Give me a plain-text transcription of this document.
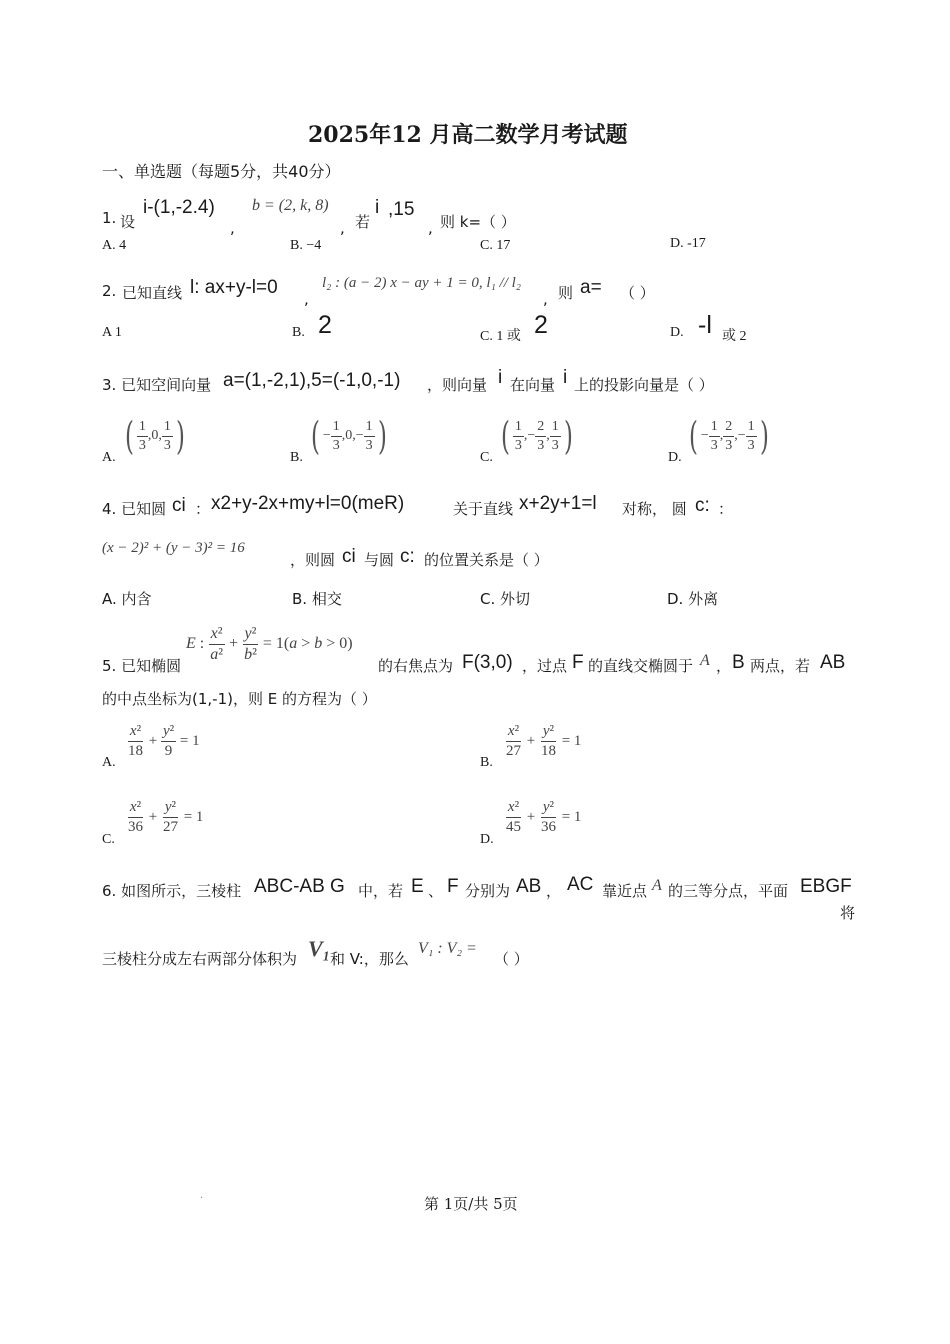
2025年12 月高二数学月考试题
一、单选题（每题5分，共40分）
1. 设
i-(1,-2.4)
,
b = (2, k, 8)
, 若
i ,15
, 则 k=（ ）
A. 4	B. −4	C. 17	D. -17
2. 已知直线 l: ax+y-l=0
,
l₂ : (a − 2) x − ay + 1 = 0, l₁ // l₂
, 则 a= （ ）
A 1	B. 2	C. 1 或 2	D. -l 或 2
3. 已知空间向量 a=(1,-2,1),5=(-1,0,-1) ，则向量 i 在向量 i 上的投影向量是（ ）
A. ( $\frac{1}{3} ,0$, $\frac{1}{3}$ )	B. ( − $\frac{1}{3} ,0,- \frac{1}{3}$ )	C. ( $\frac{1}{3}$ ,− $\frac{2}{3}$ , $\frac{1}{3}$ )	D. ( − $\frac{1}{3}$ , $\frac{2}{3}$ ,− $\frac{1}{3}$ )
4. 已知圆 ci ： x2+y-2x+my+l=0(meR)	关于直线 x+2y+1=l 对称， 圆 c: ：
(x − 2)² + (y − 3)² = 16
，则圆 ci 与圆 c: 的位置关系是（ ）
A. 内含	B. 相交	C. 外切	D. 外离
5. 已知椭圆
E : $\frac{\text{x²}}{\text{a²}} + \frac{\text{y²}}{\text{b²}} = 1(a > b > 0)$
的右焦点为 F(3,0) ，过点 F 的直线交椭圆于 A ， B 两点，若 AB
的中点坐标为(1,-1)，则 E 的方程为（ ）
A.
$\frac{\text{x²}}{18} + \frac{\text{y²}}{9} = 1$
B.
$\frac{\text{x²}}{27} + \frac{\text{y²}}{18} = 1$
C.
$\frac{\text{x²}}{36} + \frac{\text{y²}}{27} = 1$
D.
$\frac{\text{x²}}{45} + \frac{\text{y²}}{36} = 1$
6. 如图所示，三棱柱 ABC-AB G 中，若 E 、 F 分别为 AB ， AC 靠近点 A 的三等分点，平面 EBGF
将
三棱柱分成左右两部分体积为 V₁ 和 V:，那么
V₁ : V₂ =
（ ）
.	第 1页/共 5页
